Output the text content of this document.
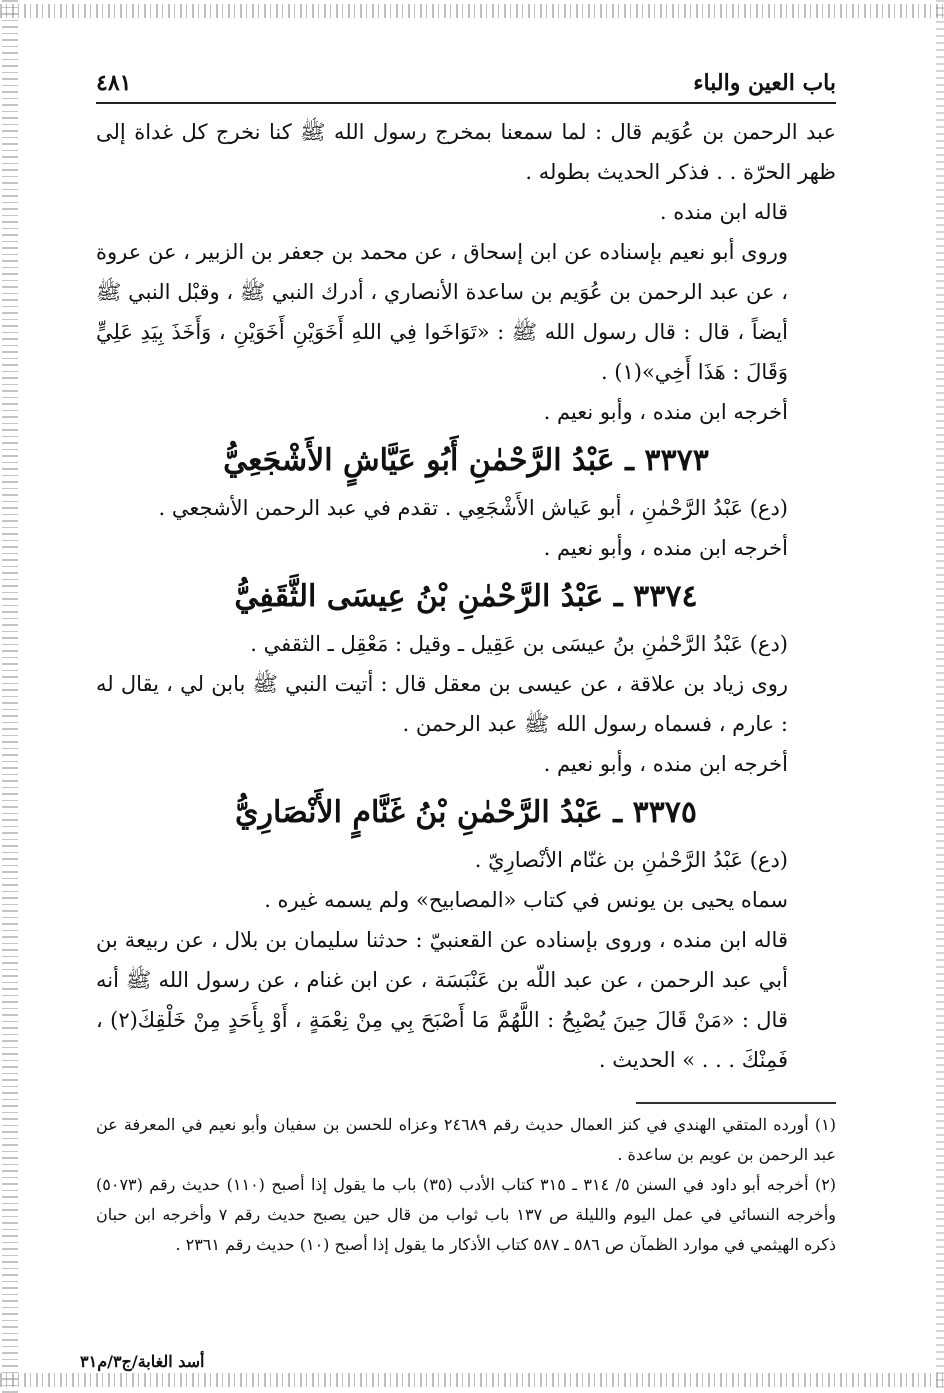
باب العين والباء
٤٨١

عبد الرحمن بن عُوَيم قال : لما سمعنا بمخرج رسول الله ﷺ كنا نخرج كل غداة إلى ظهر الحرّة . . فذكر الحديث بطوله .

قاله ابن منده .

وروى أبو نعيم بإسناده عن ابن إسحاق ، عن محمد بن جعفر بن الزبير ، عن عروة ، عن عبد الرحمن بن عُوَيم بن ساعدة الأنصاري ، أدرك النبي ﷺ ، وقبْل النبي ﷺ أيضاً ، قال : قال رسول الله ﷺ : «تَوَاخَوا فِي اللهِ أَخَوَيْنِ أَخَوَيْنِ ، وَأَخَذَ بِيَدِ عَلِيٍّ وَقَالَ : هَذَا أَخِي»(١) .

أخرجه ابن منده ، وأبو نعيم .

٣٣٧٣ ـ عَبْدُ الرَّحْمٰنِ أَبُو عَيَّاشٍ الأَشْجَعِيُّ

(دع) عَبْدُ الرَّحْمٰنِ ، أبو عَياش الأَشْجَعِي . تقدم في عبد الرحمن الأشجعي .

أخرجه ابن منده ، وأبو نعيم .

٣٣٧٤ ـ عَبْدُ الرَّحْمٰنِ بْنُ عِيسَى الثَّقَفِيُّ

(دع) عَبْدُ الرَّحْمٰنِ بنُ عيسَى بن عَقِيل ـ وقيل : مَعْقِل ـ الثقفي .

روى زياد بن علاقة ، عن عيسى بن معقل قال : أتيت النبي ﷺ بابن لي ، يقال له : عارم ، فسماه رسول الله ﷺ عبد الرحمن .

أخرجه ابن منده ، وأبو نعيم .

٣٣٧٥ ـ عَبْدُ الرَّحْمٰنِ بْنُ غَنَّامٍ الأَنْصَارِيُّ

(دع) عَبْدُ الرَّحْمٰنِ بن غنّام الأنْصارِيّ .

سماه يحيى بن يونس في كتاب «المصابيح» ولم يسمه غيره .

قاله ابن منده ، وروى بإسناده عن القعنبيّ : حدثنا سليمان بن بلال ، عن ربيعة بن أبي عبد الرحمن ، عن عبد اللّه بن عَنْبَسَة ، عن ابن غنام ، عن رسول الله ﷺ أنه قال : «مَنْ قَالَ حِينَ يُصْبِحُ : اللَّهُمَّ مَا أَصْبَحَ بِي مِنْ نِعْمَةٍ ، أَوْ بِأَحَدٍ مِنْ خَلْقِكَ(٢) ، فَمِنْكَ . . . » الحديث .

(١) أورده المتقي الهندي في كنز العمال حديث رقم ٢٤٦٨٩ وعزاه للحسن بن سفيان وأبو نعيم في المعرفة عن عبد الرحمن بن عويم بن ساعدة .

(٢) أخرجه أبو داود في السنن ٥/ ٣١٤ ـ ٣١٥ كتاب الأدب (٣٥) باب ما يقول إذا أصبح (١١٠) حديث رقم (٥٠٧٣) وأخرجه النسائي في عمل اليوم والليلة ص ١٣٧ باب ثواب من قال حين يصبح حديث رقم ٧ وأخرجه ابن حبان ذكره الهيثمي في موارد الظمآن ص ٥٨٦ ـ ٥٨٧ كتاب الأذكار ما يقول إذا أصبح (١٠) حديث رقم ٢٣٦١ .

أسد الغابة/ج٣/م٣١
